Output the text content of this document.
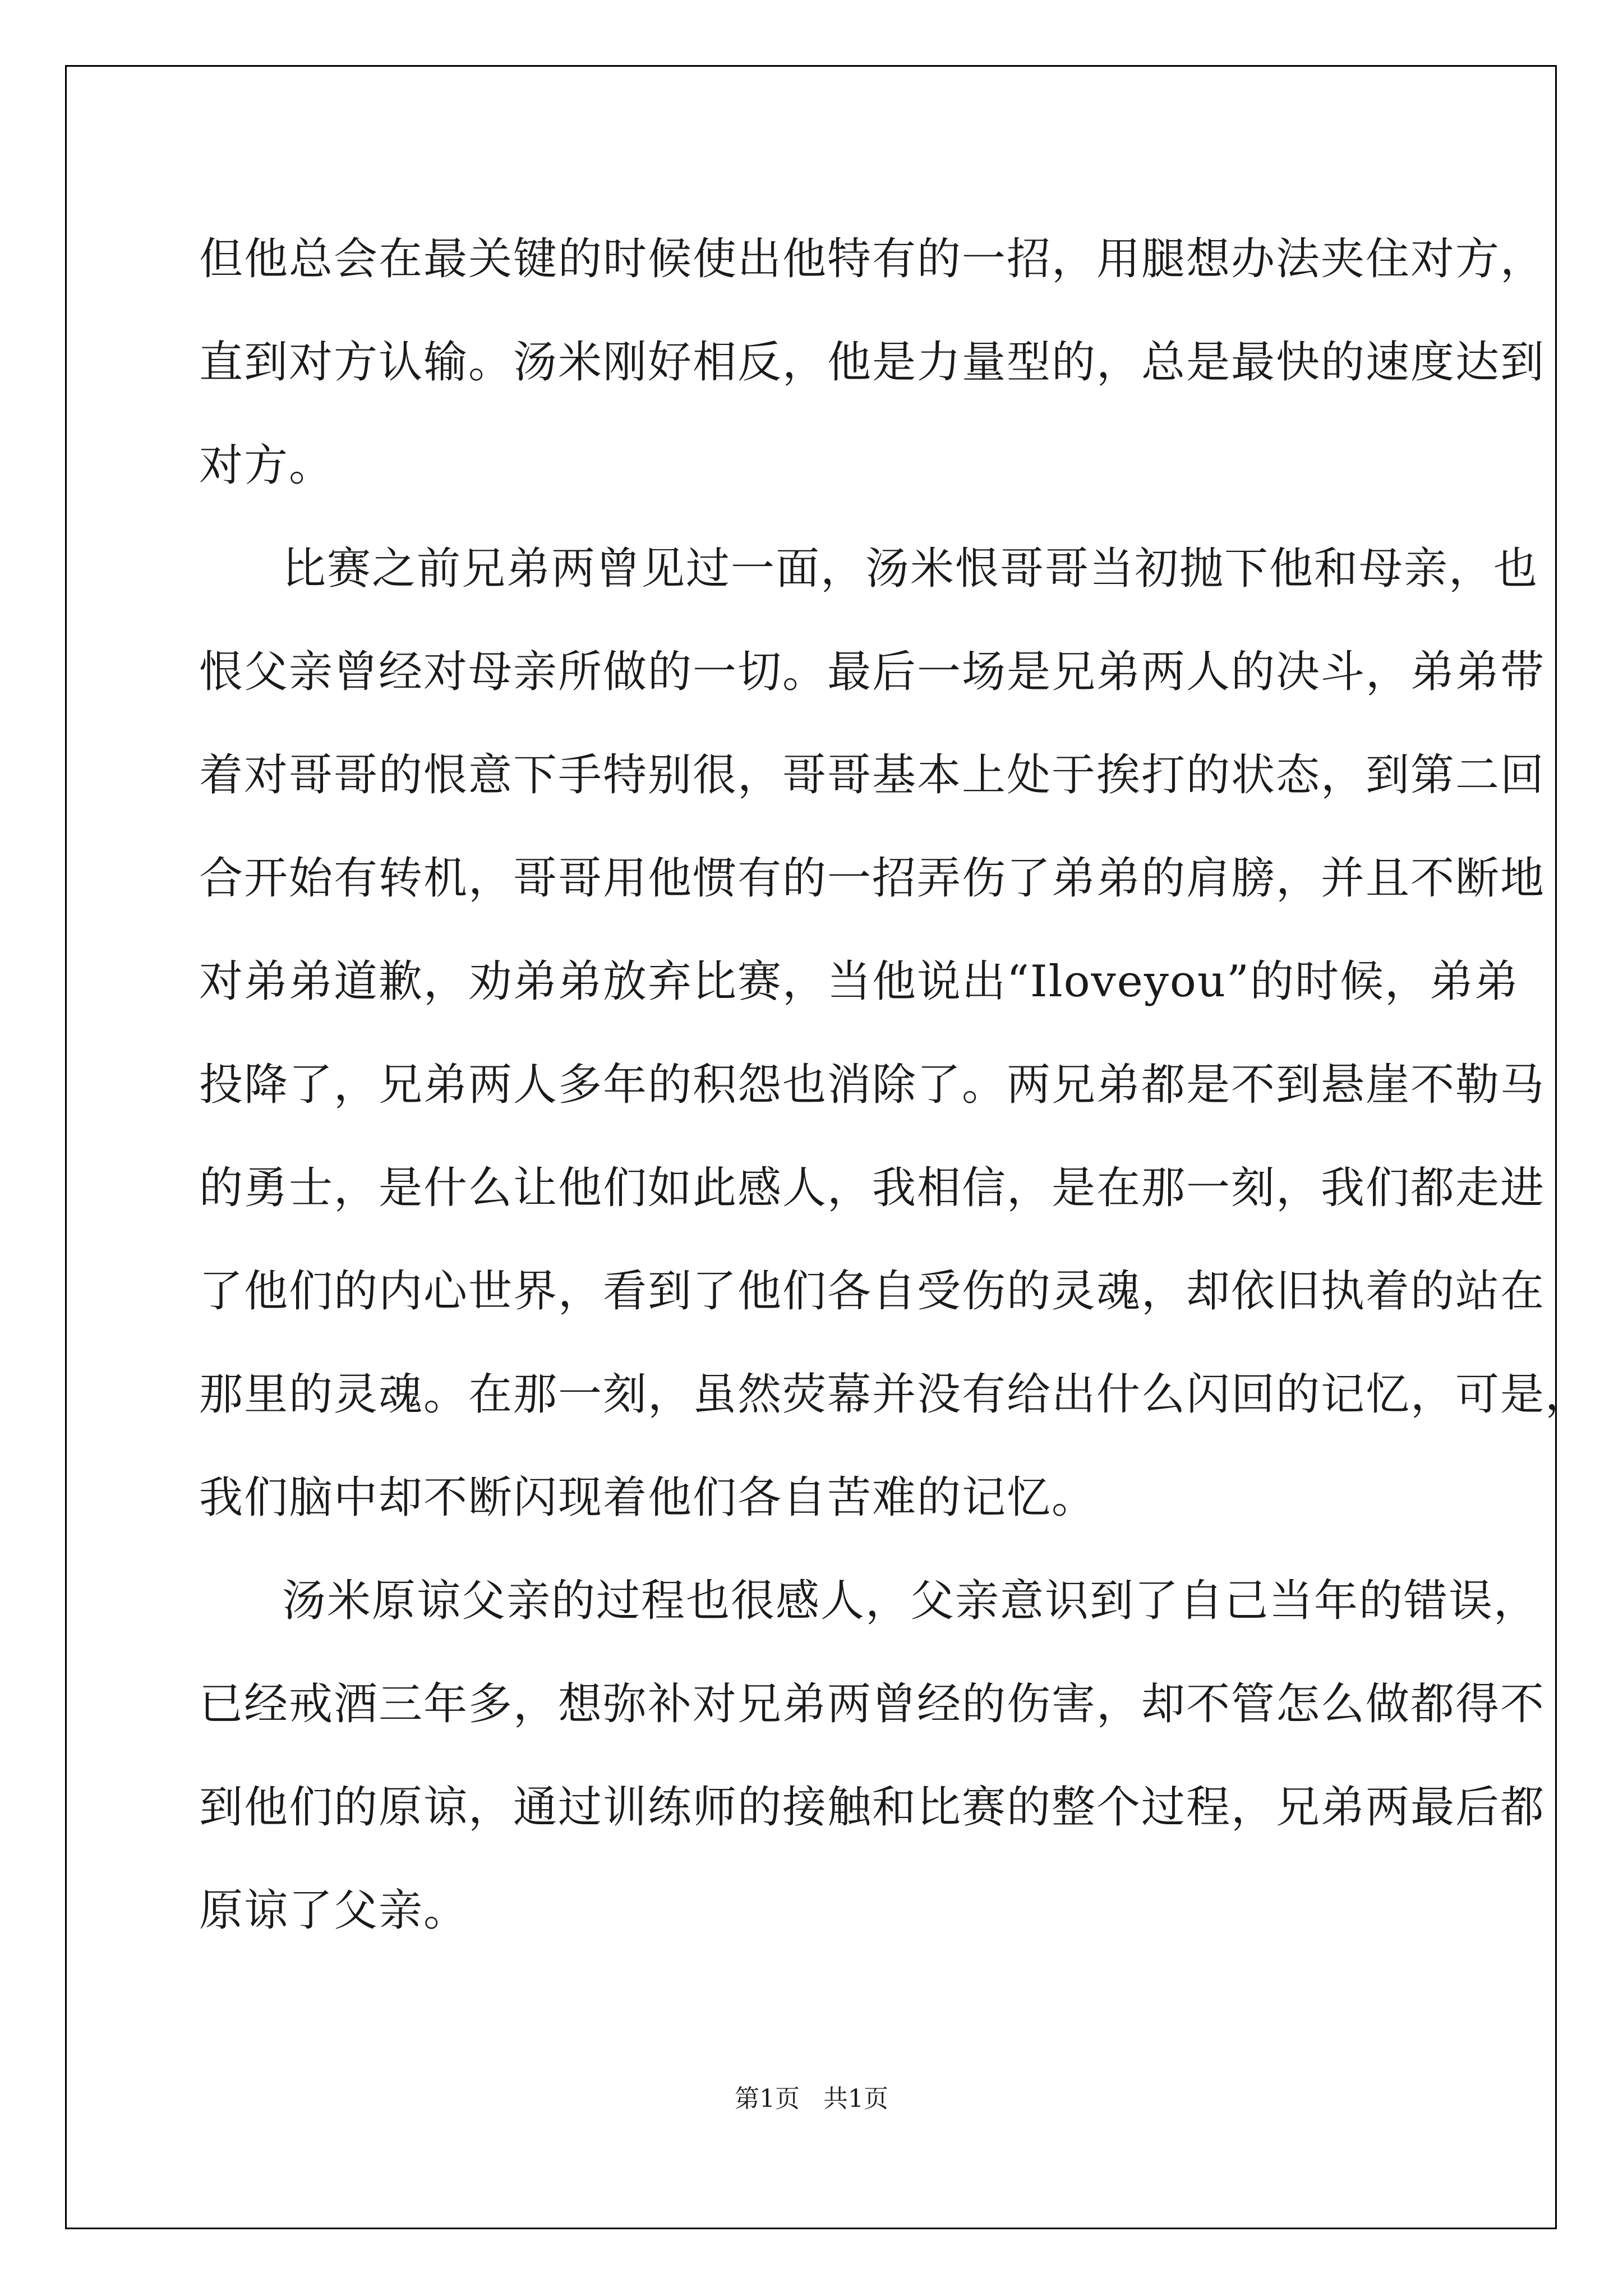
但他总会在最关键的时候使出他特有的一招，用腿想办法夹住对方，
直到对方认输。汤米刚好相反，他是力量型的，总是最快的速度达到
对方。
比赛之前兄弟两曾见过一面，汤米恨哥哥当初抛下他和母亲，也
恨父亲曾经对母亲所做的一切。最后一场是兄弟两人的决斗，弟弟带
着对哥哥的恨意下手特别很，哥哥基本上处于挨打的状态，到第二回
合开始有转机，哥哥用他惯有的一招弄伤了弟弟的肩膀，并且不断地
对弟弟道歉，劝弟弟放弃比赛，当他说出“Iloveyou”的时候，弟弟
投降了，兄弟两人多年的积怨也消除了。两兄弟都是不到悬崖不勒马
的勇士，是什么让他们如此感人，我相信，是在那一刻，我们都走进
了他们的内心世界，看到了他们各自受伤的灵魂，却依旧执着的站在
那里的灵魂。在那一刻，虽然荧幕并没有给出什么闪回的记忆，可是，
我们脑中却不断闪现着他们各自苦难的记忆。
汤米原谅父亲的过程也很感人，父亲意识到了自己当年的错误，
已经戒酒三年多，想弥补对兄弟两曾经的伤害，却不管怎么做都得不
到他们的原谅，通过训练师的接触和比赛的整个过程，兄弟两最后都
原谅了父亲。
第1页   共1页
